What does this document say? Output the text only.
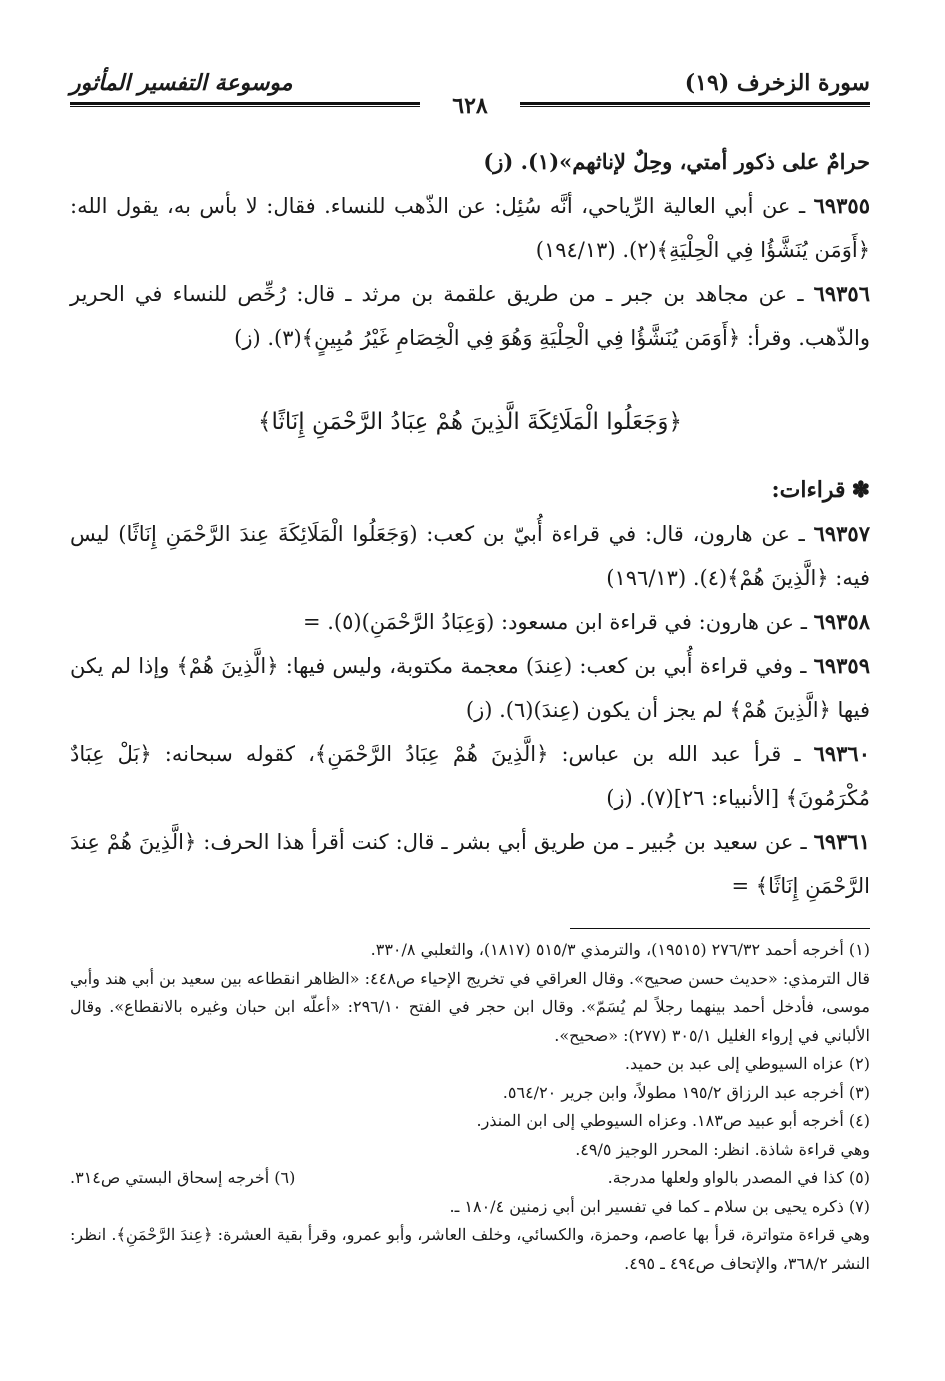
سورة الزخرف (١٩)
موسوعة التفسير المأثور
٦٢٨

حرامٌ على ذكور أمتي، وحِلٌ لإناثهم»(١). (ز)

٦٩٣٥٥ ـ عن أبي العالية الرِّياحي، أنَّه سُئِل: عن الذّهب للنساء. فقال: لا بأس به، يقول الله: ﴿أَوَمَن يُنَشَّؤُا فِي الْحِلْيَةِ﴾(٢). (١٩٤/١٣)

٦٩٣٥٦ ـ عن مجاهد بن جبر ـ من طريق علقمة بن مرثد ـ قال: رُخِّص للنساء في الحرير والذّهب. وقرأ: ﴿أَوَمَن يُنَشَّؤُا فِي الْحِلْيَةِ وَهُوَ فِي الْخِصَامِ غَيْرُ مُبِينٍ﴾(٣). (ز)

﴿وَجَعَلُوا الْمَلَائِكَةَ الَّذِينَ هُمْ عِبَادُ الرَّحْمَنِ إِنَاثًا﴾

✽قراءات:

٦٩٣٥٧ ـ عن هارون، قال: في قراءة أُبيّ بن كعب: (وَجَعَلُوا الْمَلَائِكَةَ عِندَ الرَّحْمَنِ إِنَاثًا) ليس فيه: ﴿الَّذِينَ هُمْ﴾(٤). (١٩٦/١٣)

٦٩٣٥٨ ـ عن هارون: في قراءة ابن مسعود: (وَعِبَادُ الرَّحْمَنِ)(٥). =

٦٩٣٥٩ ـ وفي قراءة أُبي بن كعب: (عِندَ) معجمة مكتوبة، وليس فيها: ﴿الَّذِينَ هُمْ﴾ وإذا لم يكن فيها ﴿الَّذِينَ هُمْ﴾ لم يجز أن يكون (عِندَ)(٦). (ز)

٦٩٣٦٠ ـ قرأ عبد الله بن عباس: ﴿الَّذِينَ هُمْ عِبَادُ الرَّحْمَنِ﴾، كقوله سبحانه: ﴿بَلْ عِبَادٌ مُكْرَمُونَ﴾ [الأنبياء: ٢٦](٧). (ز)

٦٩٣٦١ ـ عن سعيد بن جُبير ـ من طريق أبي بشر ـ قال: كنت أقرأ هذا الحرف: ﴿الَّذِينَ هُمْ عِندَ الرَّحْمَنِ إِنَاثًا﴾ =

(١) أخرجه أحمد ٢٧٦/٣٢ (١٩٥١٥)، والترمذي ٥١٥/٣ (١٨١٧)، والثعلبي ٣٣٠/٨.

قال الترمذي: «حديث حسن صحيح». وقال العراقي في تخريج الإحياء ص٤٤٨: «الظاهر انقطاعه بين سعيد بن أبي هند وأبي موسى، فأدخل أحمد بينهما رجلاً لم يُسَمّ». وقال ابن حجر في الفتح ٢٩٦/١٠: «أعلّه ابن حبان وغيره بالانقطاع». وقال الألباني في إرواء الغليل ٣٠٥/١ (٢٧٧): «صحيح».

(٢) عزاه السيوطي إلى عبد بن حميد.

(٣) أخرجه عبد الرزاق ١٩٥/٢ مطولاً، وابن جرير ٥٦٤/٢٠.

(٤) أخرجه أبو عبيد ص١٨٣. وعزاه السيوطي إلى ابن المنذر.

وهي قراءة شاذة. انظر: المحرر الوجيز ٤٩/٥.

(٥) كذا في المصدر بالواو ولعلها مدرجة.
(٦) أخرجه إسحاق البستي ص٣١٤.

(٧) ذكره يحيى بن سلام ـ كما في تفسير ابن أبي زمنين ١٨٠/٤ ـ.

وهي قراءة متواترة، قرأ بها عاصم، وحمزة، والكسائي، وخلف العاشر، وأبو عمرو، وقرأ بقية العشرة: ﴿عِندَ الرَّحْمَنِ﴾. انظر: النشر ٣٦٨/٢، والإتحاف ص٤٩٤ ـ ٤٩٥.
